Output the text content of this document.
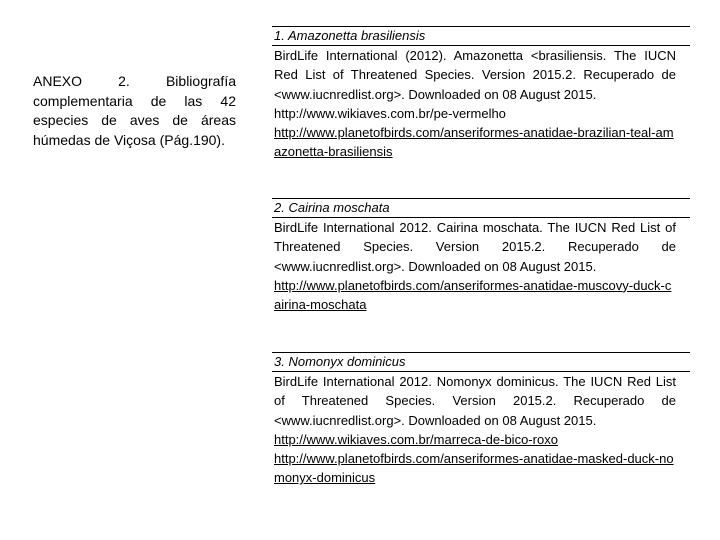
ANEXO	2.	Bibliografía
complementaria de las 42 especies de aves de áreas húmedas de Viçosa (Pág.190).
1. Amazonetta brasiliensis
BirdLife International (2012). Amazonetta <brasiliensis. The IUCN Red List of Threatened Species. Version 2015.2. Recuperado de <www.iucnredlist.org>. Downloaded on 08 August 2015.
http://www.wikiaves.com.br/pe-vermelho
http://www.planetofbirds.com/anseriformes-anatidae-brazilian-teal-amazonetta-brasiliensis
2. Cairina moschata
BirdLife International 2012. Cairina moschata. The IUCN Red List of Threatened Species. Version 2015.2. Recuperado de <www.iucnredlist.org>. Downloaded on 08 August 2015.
http://www.planetofbirds.com/anseriformes-anatidae-muscovy-duck-cairina-moschata
3. Nomonyx dominicus
BirdLife International 2012. Nomonyx dominicus. The IUCN Red List of Threatened Species. Version 2015.2. Recuperado de <www.iucnredlist.org>. Downloaded on 08 August 2015.
http://www.wikiaves.com.br/marreca-de-bico-roxo
http://www.planetofbirds.com/anseriformes-anatidae-masked-duck-nomonyx-dominicus
